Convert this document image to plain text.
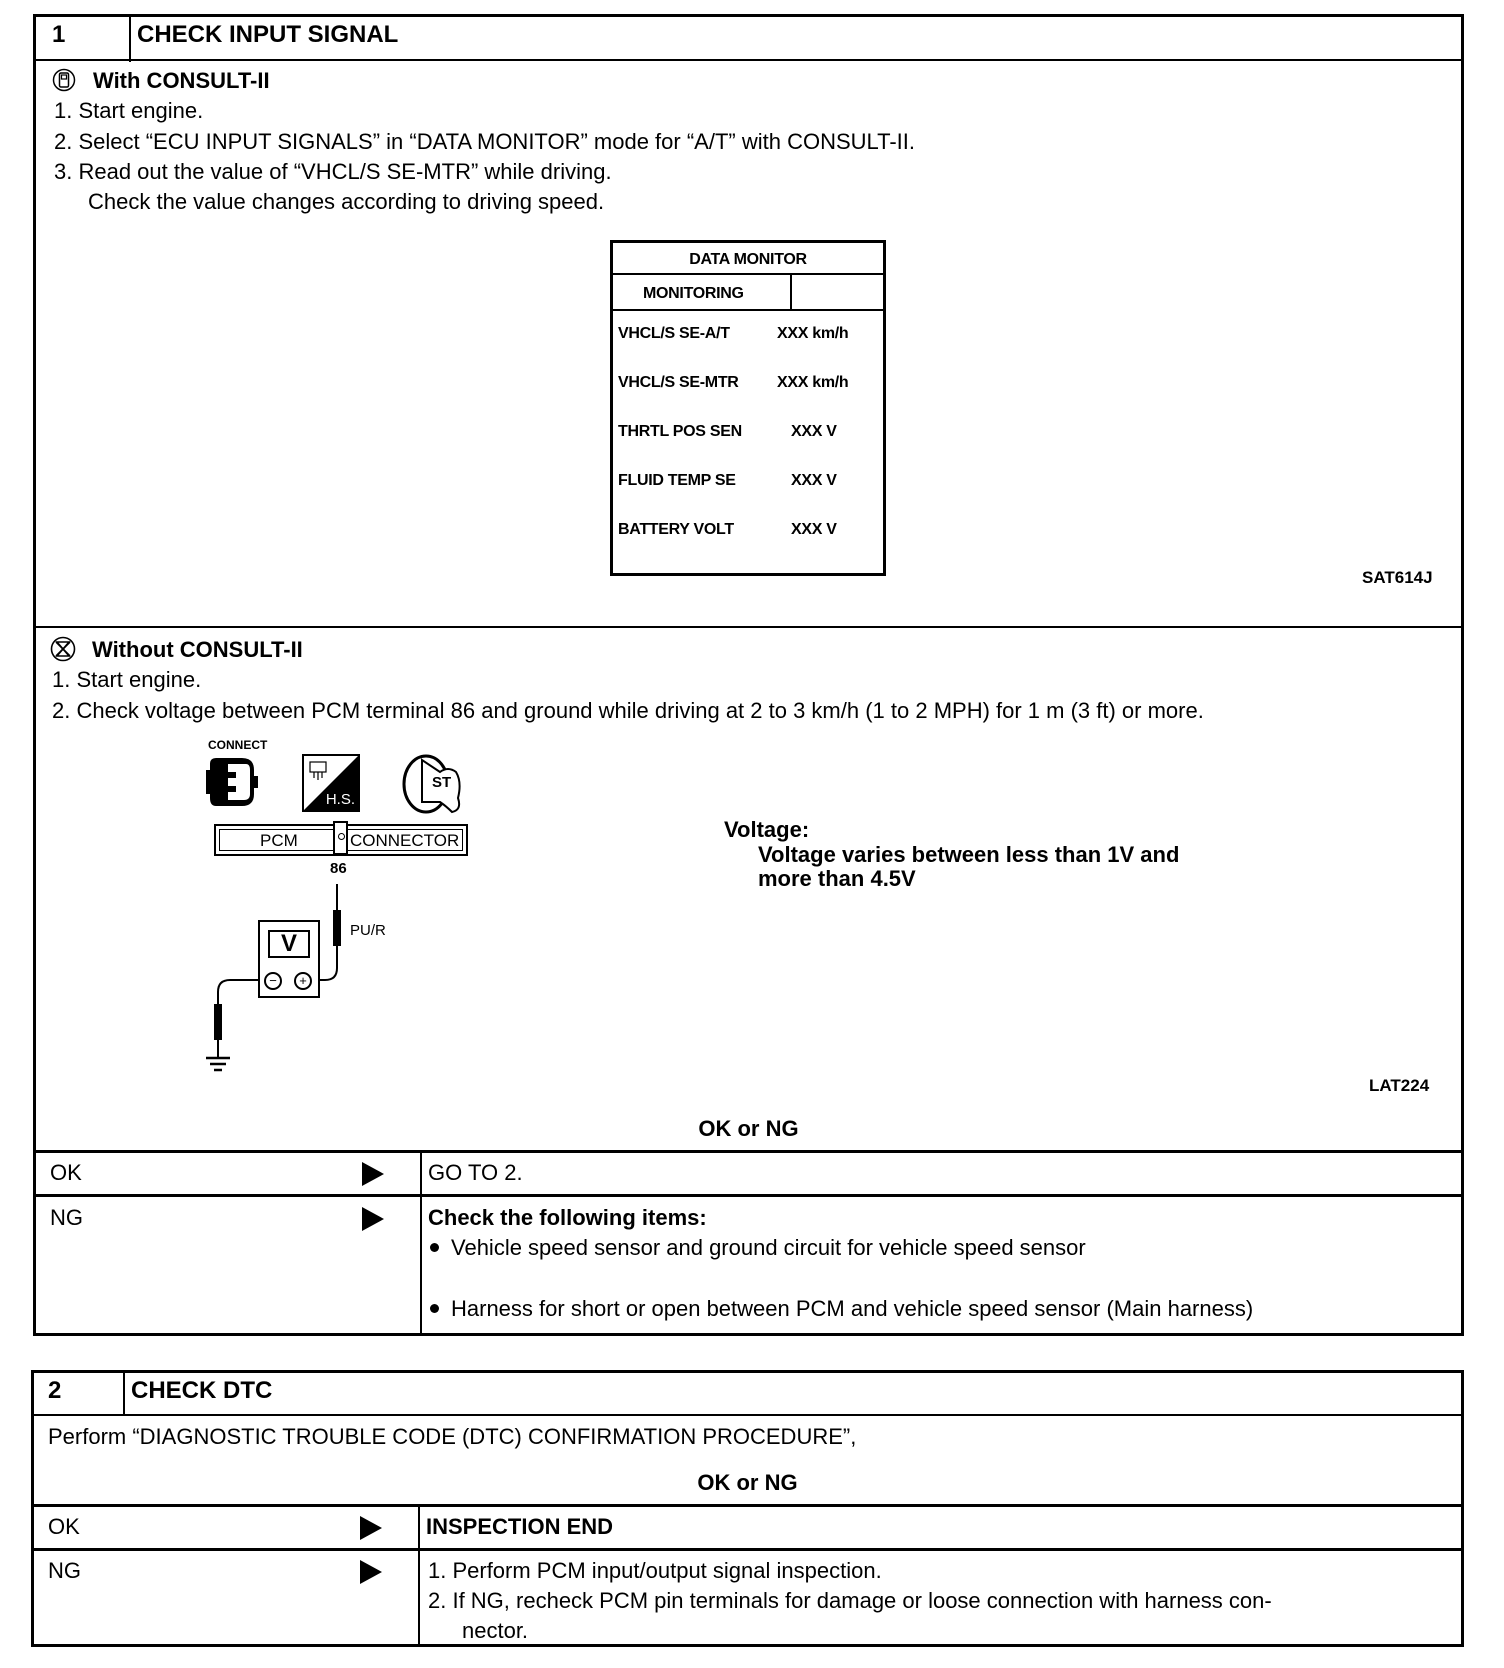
1	CHECK INPUT SIGNAL
With CONSULT-II
1. Start engine.
2. Select “ECU INPUT SIGNALS” in “DATA MONITOR” mode for “A/T” with CONSULT-II.
3. Read out the value of “VHCL/S SE-MTR” while driving.
Check the value changes according to driving speed.
DATA MONITOR
MONITORING
VHCL/S SE-A/T	XXX km/h
VHCL/S SE-MTR XXX km/h
THRTL POS SEN	XXX V
FLUID TEMP SE	XXX V
BATTERY VOLT	XXX V
SAT614J
Without CONSULT-II
1. Start engine.
2. Check voltage between PCM terminal 86 and ground while driving at 2 to 3 km/h (1 to 2 MPH) for 1 m (3 ft) or more.
CONNECT
H.S.
ST
PCM	CONNECTOR
86
PU/R
V
−	+
Voltage:
Voltage varies between less than 1V and
more than 4.5V
LAT224
OK or NG
OK	GO TO 2.
NG	Check the following items:
Vehicle speed sensor and ground circuit for vehicle speed sensor
Harness for short or open between PCM and vehicle speed sensor (Main harness)
2	CHECK DTC
Perform “DIAGNOSTIC TROUBLE CODE (DTC) CONFIRMATION PROCEDURE”,
OK or NG
OK	INSPECTION END
NG	1. Perform PCM input/output signal inspection.
2. If NG, recheck PCM pin terminals for damage or loose connection with harness con-
nector.
